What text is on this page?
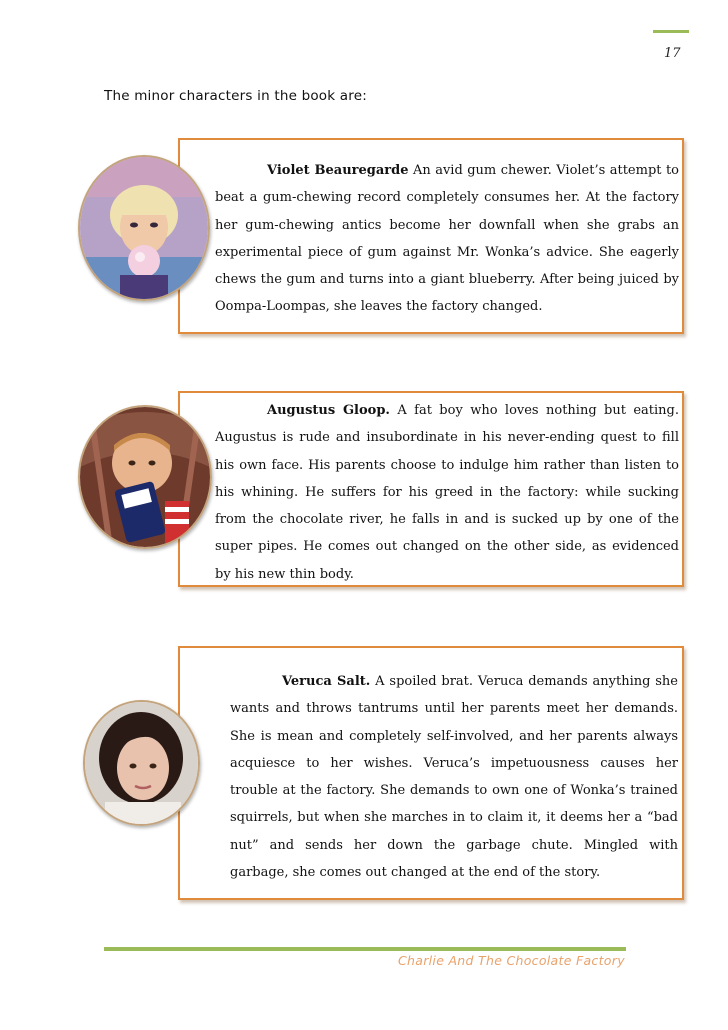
17
The minor characters in the book are:
Violet Beauregarde An avid gum chewer. Violet’s attempt to beat a gum-chewing record completely consumes her. At the factory her gum-chewing antics become her downfall when she grabs an experimental piece of gum against Mr. Wonka’s advice. She eagerly chews the gum and turns into a giant blueberry. After being juiced by Oompa-Loompas, she leaves the factory changed.
Augustus Gloop. A fat boy who loves nothing but eating. Augustus is rude and insubordinate in his never-ending quest to fill his own face. His parents choose to indulge him rather than listen to his whining. He suffers for his greed in the factory: while sucking from the chocolate river, he falls in and is sucked up by one of the super pipes. He comes out changed on the other side, as evidenced by his new thin body.
Veruca Salt. A spoiled brat. Veruca demands anything she wants and throws tantrums until her parents meet her demands. She is mean and completely self-involved, and her parents always acquiesce to her wishes. Veruca’s impetuousness causes her trouble at the factory. She demands to own one of Wonka’s trained squirrels, but when she marches in to claim it, it deems her a “bad nut” and sends her down the garbage chute. Mingled with garbage, she comes out changed at the end of the story.
Charlie And The Chocolate Factory
